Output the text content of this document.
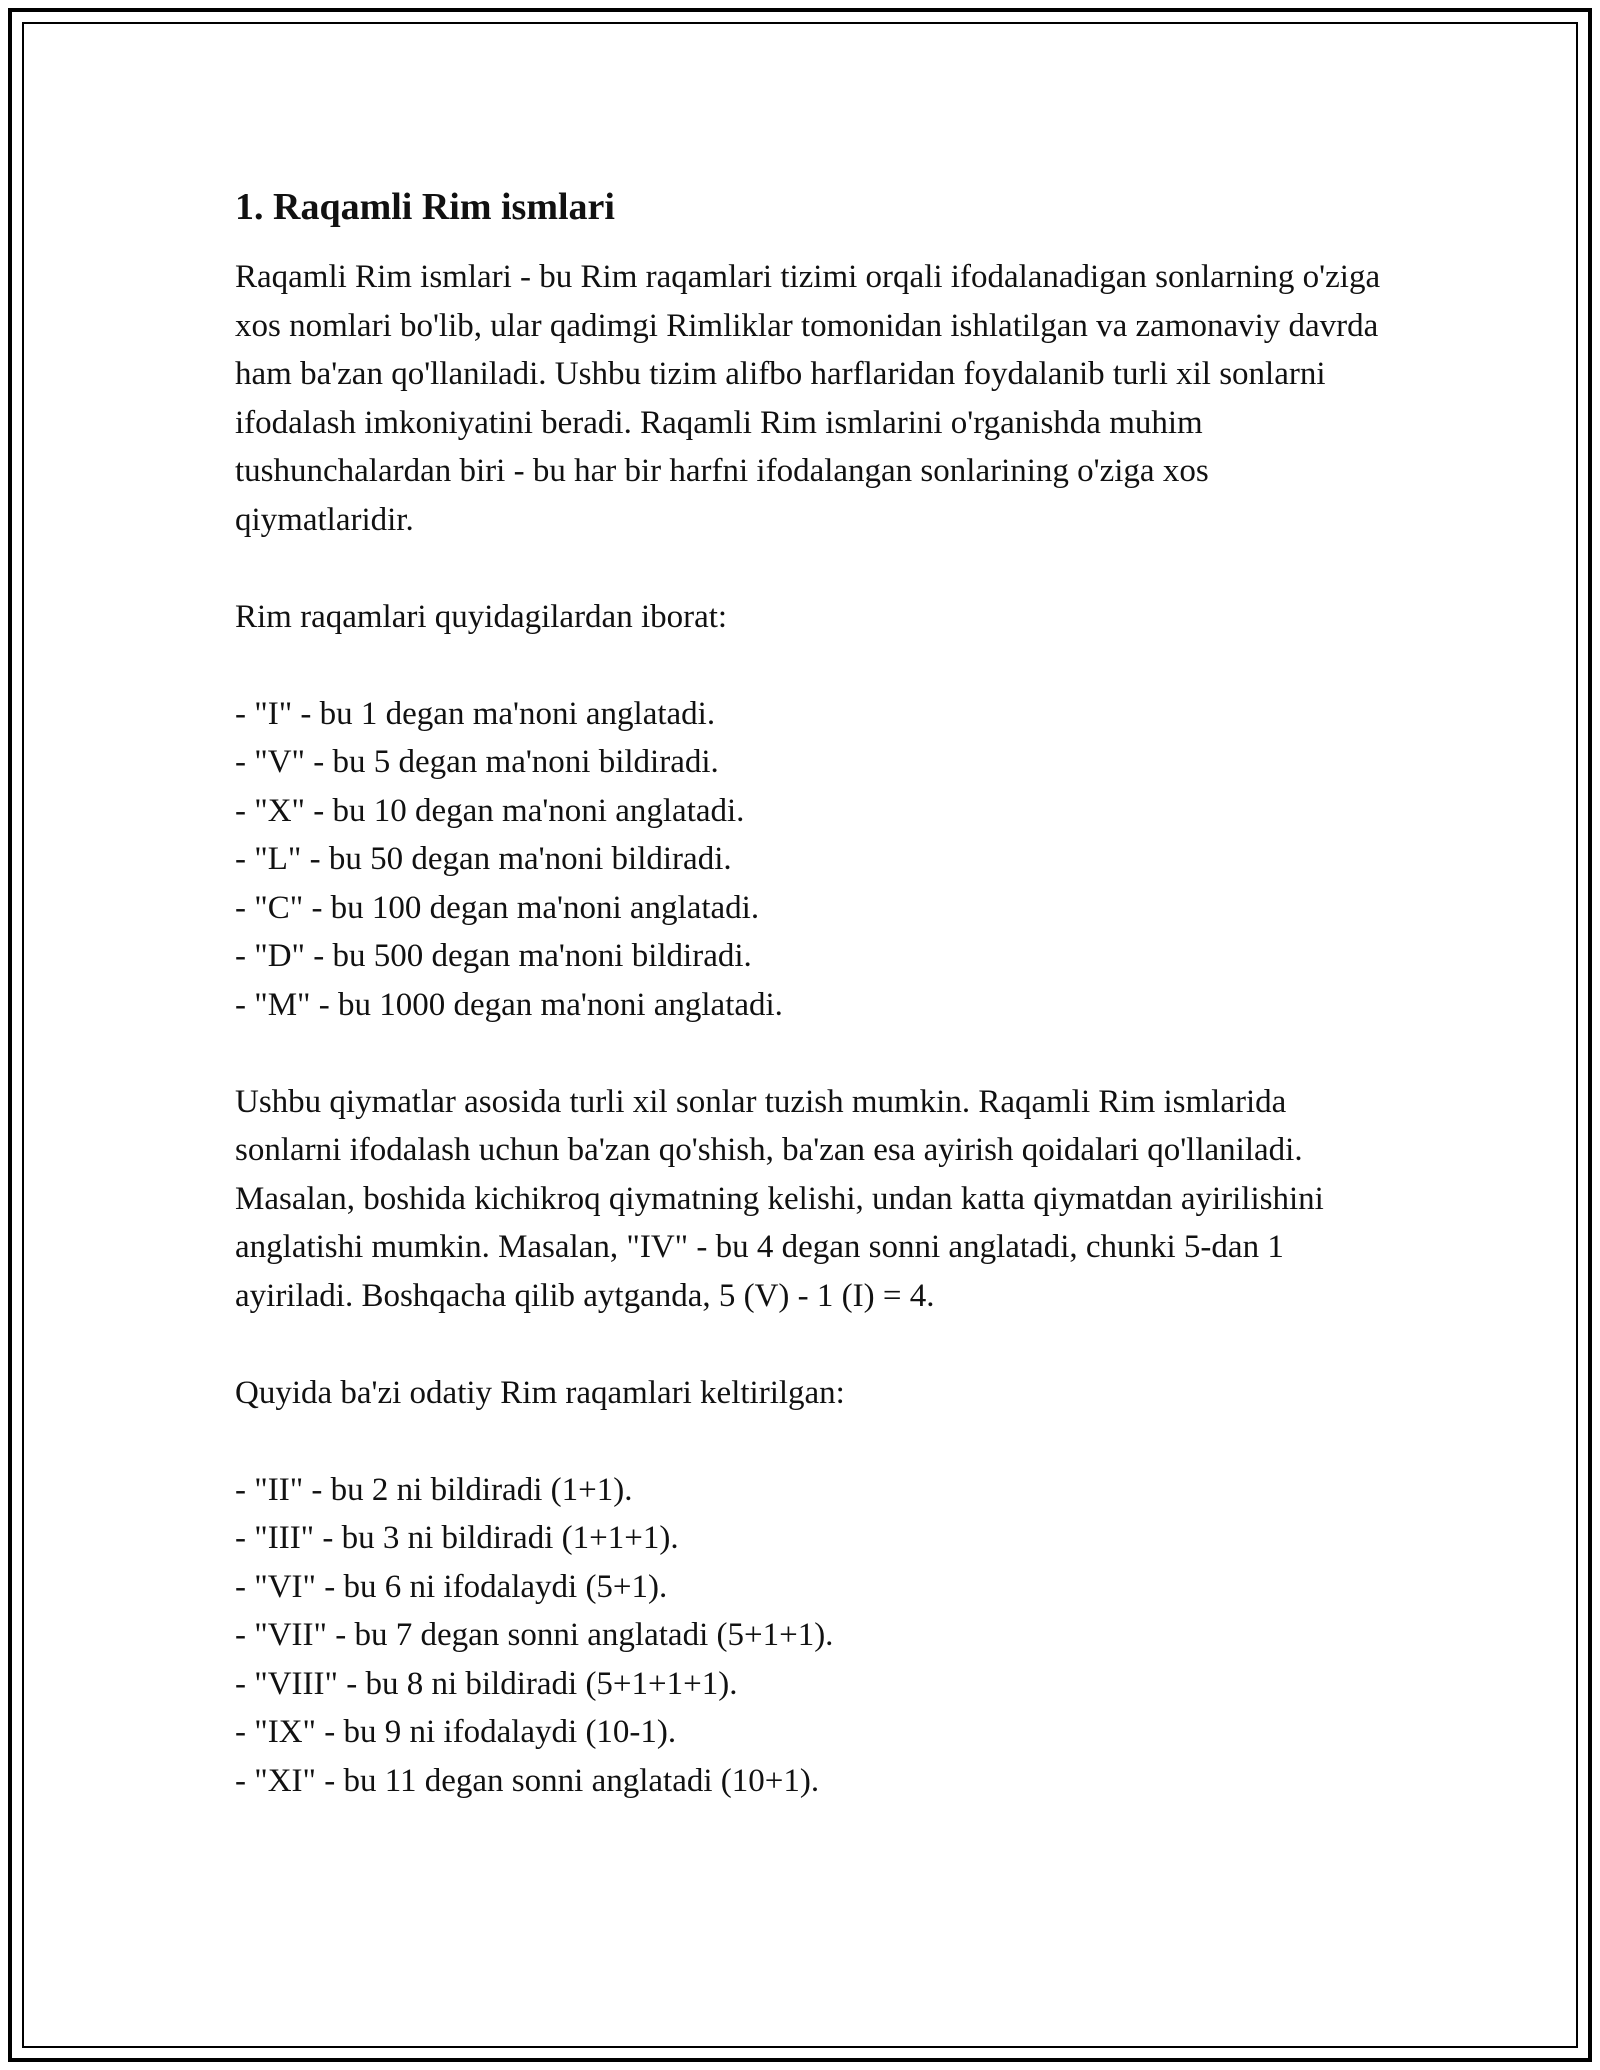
1. Raqamli Rim ismlari

Raqamli Rim ismlari - bu Rim raqamlari tizimi orqali ifodalanadigan sonlarning o'ziga xos nomlari bo'lib, ular qadimgi Rimliklar tomonidan ishlatilgan va zamonaviy davrda ham ba'zan qo'llaniladi. Ushbu tizim alifbo harflaridan foydalanib turli xil sonlarni ifodalash imkoniyatini beradi. Raqamli Rim ismlarini o'rganishda muhim tushunchalardan biri - bu har bir harfni ifodalangan sonlarining o'ziga xos qiymatlaridir.

Rim raqamlari quyidagilardan iborat:

- "I" - bu 1 degan ma'noni anglatadi.
- "V" - bu 5 degan ma'noni bildiradi.
- "X" - bu 10 degan ma'noni anglatadi.
- "L" - bu 50 degan ma'noni bildiradi.
- "C" - bu 100 degan ma'noni anglatadi.
- "D" - bu 500 degan ma'noni bildiradi.
- "M" - bu 1000 degan ma'noni anglatadi.

Ushbu qiymatlar asosida turli xil sonlar tuzish mumkin. Raqamli Rim ismlarida sonlarni ifodalash uchun ba'zan qo'shish, ba'zan esa ayirish qoidalari qo'llaniladi. Masalan, boshida kichikroq qiymatning kelishi, undan katta qiymatdan ayirilishini anglatishi mumkin. Masalan, "IV" - bu 4 degan sonni anglatadi, chunki 5-dan 1 ayiriladi. Boshqacha qilib aytganda, 5 (V) - 1 (I) = 4.

Quyida ba'zi odatiy Rim raqamlari keltirilgan:

- "II" - bu 2 ni bildiradi (1+1).
- "III" - bu 3 ni bildiradi (1+1+1).
- "VI" - bu 6 ni ifodalaydi (5+1).
- "VII" - bu 7 degan sonni anglatadi (5+1+1).
- "VIII" - bu 8 ni bildiradi (5+1+1+1).
- "IX" - bu 9 ni ifodalaydi (10-1).
- "XI" - bu 11 degan sonni anglatadi (10+1).
